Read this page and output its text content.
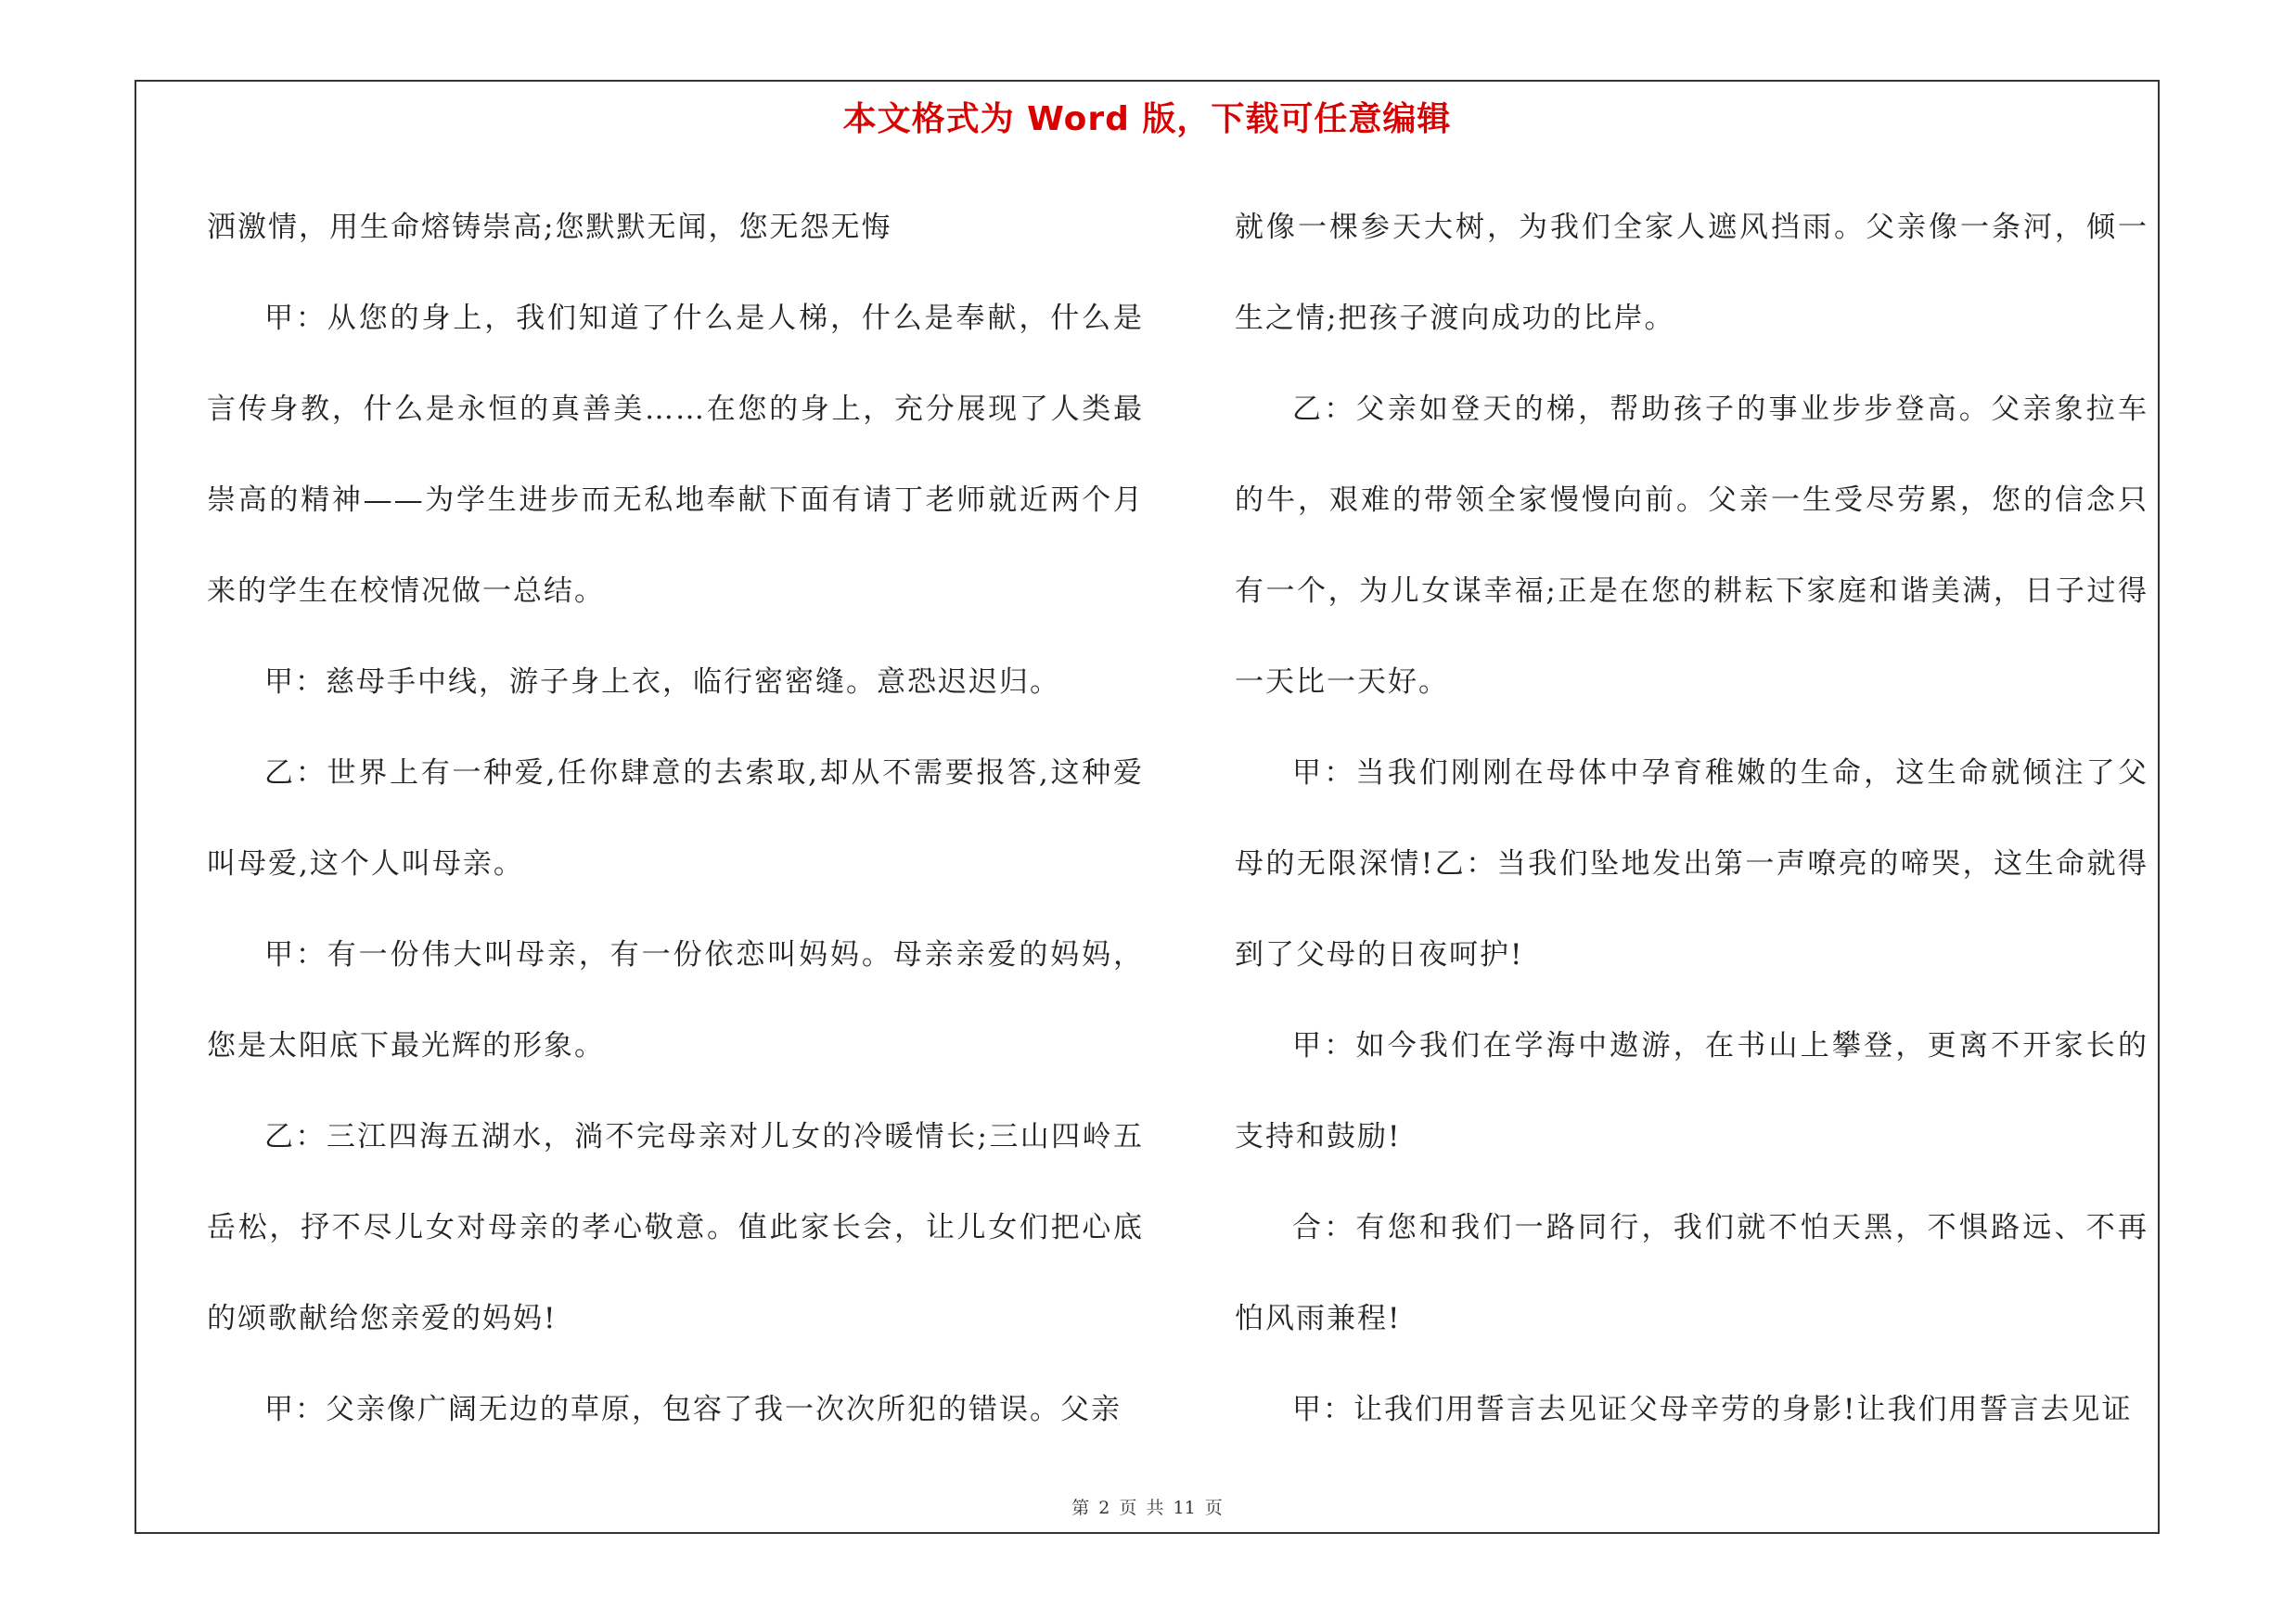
本文格式为 Word 版，下载可任意编辑

洒激情，用生命熔铸崇高;您默默无闻，您无怨无悔

甲：从您的身上，我们知道了什么是人梯，什么是奉献，什么是言传身教，什么是永恒的真善美……在您的身上，充分展现了人类最崇高的精神——为学生进步而无私地奉献下面有请丁老师就近两个月来的学生在校情况做一总结。

甲：慈母手中线，游子身上衣，临行密密缝。意恐迟迟归。

乙：世界上有一种爱,任你肆意的去索取,却从不需要报答,这种爱叫母爱,这个人叫母亲。

甲：有一份伟大叫母亲，有一份依恋叫妈妈。母亲亲爱的妈妈，您是太阳底下最光辉的形象。

乙：三江四海五湖水，淌不完母亲对儿女的冷暖情长;三山四岭五岳松，抒不尽儿女对母亲的孝心敬意。值此家长会，让儿女们把心底的颂歌献给您亲爱的妈妈!

甲：父亲像广阔无边的草原，包容了我一次次所犯的错误。父亲

就像一棵参天大树，为我们全家人遮风挡雨。父亲像一条河，倾一生之情;把孩子渡向成功的比岸。

乙：父亲如登天的梯，帮助孩子的事业步步登高。父亲象拉车的牛，艰难的带领全家慢慢向前。父亲一生受尽劳累，您的信念只有一个，为儿女谋幸福;正是在您的耕耘下家庭和谐美满，日子过得一天比一天好。

甲：当我们刚刚在母体中孕育稚嫩的生命，这生命就倾注了父母的无限深情!乙：当我们坠地发出第一声嘹亮的啼哭，这生命就得到了父母的日夜呵护!

甲：如今我们在学海中遨游，在书山上攀登，更离不开家长的支持和鼓励!

合：有您和我们一路同行，我们就不怕天黑，不惧路远、不再怕风雨兼程!

甲：让我们用誓言去见证父母辛劳的身影!让我们用誓言去见证

第 2 页 共 11 页
